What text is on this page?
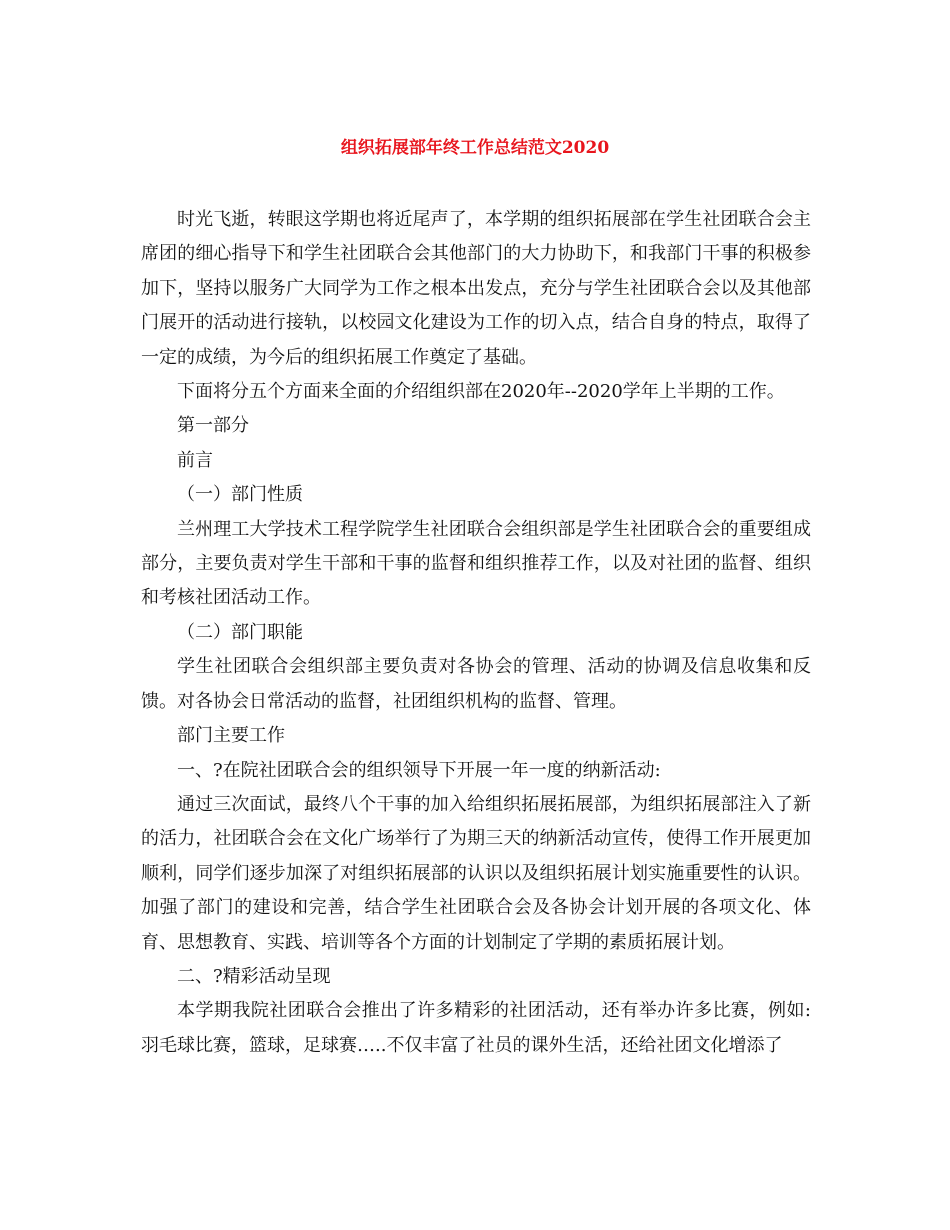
组织拓展部年终工作总结范文2020

时光飞逝，转眼这学期也将近尾声了，本学期的组织拓展部在学生社团联合会主席团的细心指导下和学生社团联合会其他部门的大力协助下，和我部门干事的积极参加下，坚持以服务广大同学为工作之根本出发点，充分与学生社团联合会以及其他部门展开的活动进行接轨，以校园文化建设为工作的切入点，结合自身的特点，取得了一定的成绩，为今后的组织拓展工作奠定了基础。

下面将分五个方面来全面的介绍组织部在2020年--2020学年上半期的工作。

第一部分

前言

（一）部门性质

兰州理工大学技术工程学院学生社团联合会组织部是学生社团联合会的重要组成部分，主要负责对学生干部和干事的监督和组织推荐工作，以及对社团的监督、组织和考核社团活动工作。

（二）部门职能

学生社团联合会组织部主要负责对各协会的管理、活动的协调及信息收集和反馈。对各协会日常活动的监督，社团组织机构的监督、管理。

部门主要工作

一、?在院社团联合会的组织领导下开展一年一度的纳新活动:

通过三次面试，最终八个干事的加入给组织拓展拓展部，为组织拓展部注入了新的活力，社团联合会在文化广场举行了为期三天的纳新活动宣传，使得工作开展更加顺利，同学们逐步加深了对组织拓展部的认识以及组织拓展计划实施重要性的认识。加强了部门的建设和完善，结合学生社团联合会及各协会计划开展的各项文化、体育、思想教育、实践、培训等各个方面的计划制定了学期的素质拓展计划。

二、?精彩活动呈现

本学期我院社团联合会推出了许多精彩的社团活动，还有举办许多比赛，例如:羽毛球比赛，篮球，足球赛…..不仅丰富了社员的课外生活，还给社团文化增添了
